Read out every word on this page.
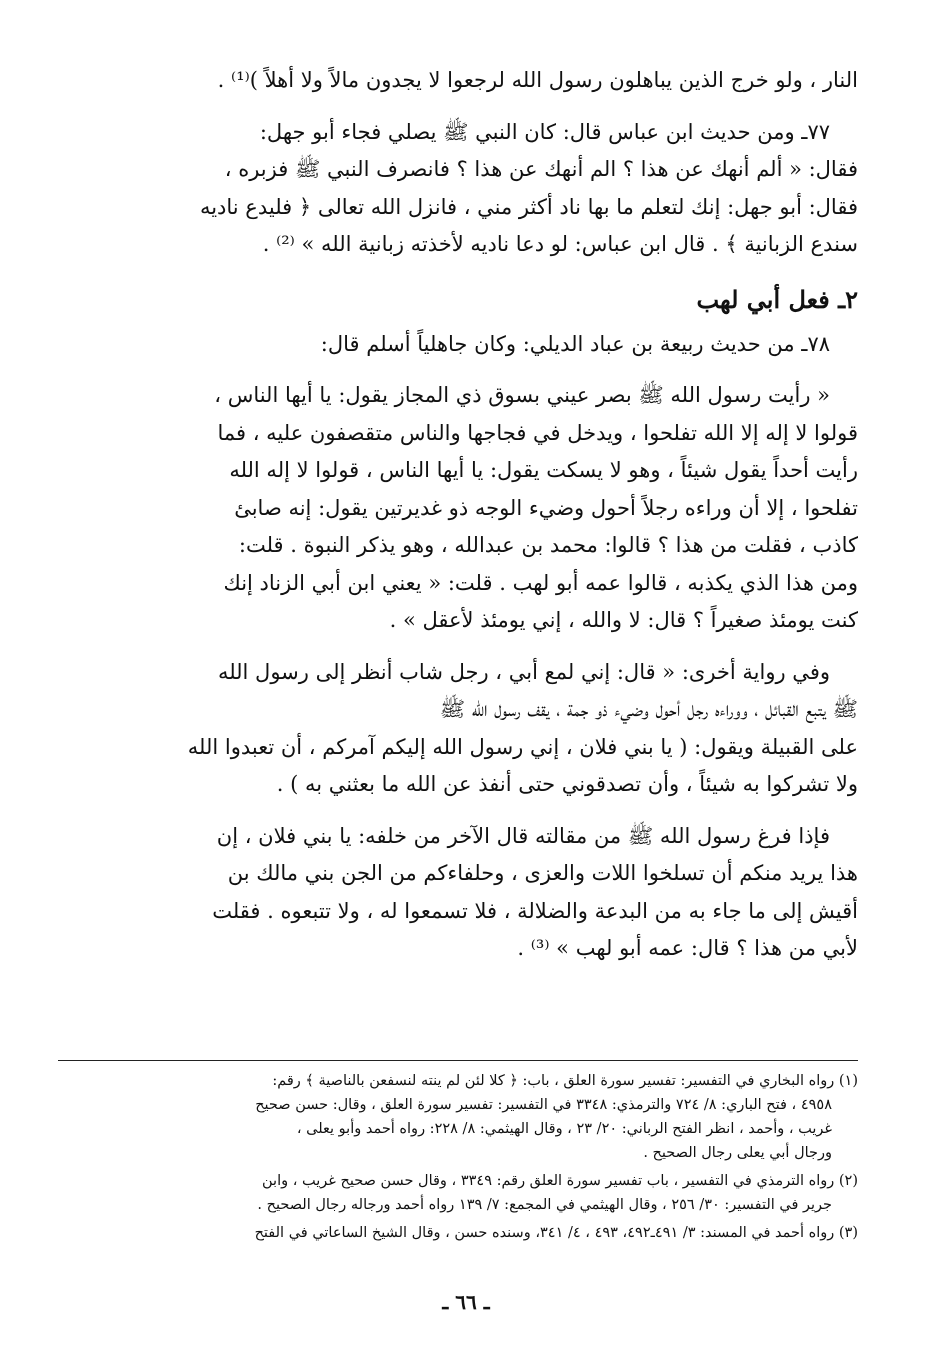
النار ، ولو خرج الذين يباهلون رسول الله لرجعوا لا يجدون مالاً ولا أهلاً )⁽¹⁾ .

٧٧ـ ومن حديث ابن عباس قال: كان النبي ﷺ يصلي فجاء أبو جهل:

فقال: « ألم أنهك عن هذا ؟ الم أنهك عن هذا ؟ فانصرف النبي ﷺ فزبره ،

فقال: أبو جهل: إنك لتعلم ما بها ناد أكثر مني ، فانزل الله تعالى ﴿ فليدع ناديه

سندع الزبانية ﴾ . قال ابن عباس: لو دعا ناديه لأخذته زبانية الله » ⁽²⁾ .

٢ـ فعل أبي لهب

٧٨ـ من حديث ربيعة بن عباد الديلي: وكان جاهلياً أسلم قال:

« رأيت رسول الله ﷺ بصر عيني بسوق ذي المجاز يقول: يا أيها الناس ،

قولوا لا إله إلا الله تفلحوا ، ويدخل في فجاجها والناس متقصفون عليه ، فما

رأيت أحداً يقول شيئاً ، وهو لا يسكت يقول: يا أيها الناس ، قولوا لا إله الله

تفلحوا ، إلا أن وراءه رجلاً أحول وضيء الوجه ذو غديرتين يقول: إنه صابئ

كاذب ، فقلت من هذا ؟ قالوا: محمد بن عبدالله ، وهو يذكر النبوة . قلت:

ومن هذا الذي يكذبه ، قالوا عمه أبو لهب . قلت: « يعني ابن أبي الزناد إنك

كنت يومئذ صغيراً ؟ قال: لا والله ، إني يومئذ لأعقل » .

وفي رواية أخرى: « قال: إني لمع أبي ، رجل شاب أنظر إلى رسول الله

ﷺ يتبع القبائل ، ووراءه رجل أحول وضيء ذو جمة ، يقف رسول الله ﷺ

على القبيلة ويقول: ( يا بني فلان ، إني رسول الله إليكم آمركم ، أن تعبدوا الله

ولا تشركوا به شيئاً ، وأن تصدقوني حتى أنفذ عن الله ما بعثني به ) .

فإذا فرغ رسول الله ﷺ من مقالته قال الآخر من خلفه: يا بني فلان ، إن

هذا يريد منكم أن تسلخوا اللات والعزى ، وحلفاءكم من الجن بني مالك بن

أقيش إلى ما جاء به من البدعة والضلالة ، فلا تسمعوا له ، ولا تتبعوه . فقلت

لأبي من هذا ؟ قال: عمه أبو لهب » ⁽³⁾ .

(١) رواه البخاري في التفسير: تفسير سورة العلق ، باب: ﴿ كلا لئن لم ينته لنسفعن بالناصية ﴾ رقم:
٤٩٥٨ ، فتح الباري: ٨/ ٧٢٤ والترمذي: ٣٣٤٨ في التفسير: تفسير سورة العلق ، وقال: حسن صحيح
غريب ، وأحمد ، انظر الفتح الرباني: ٢٠/ ٢٣ ، وقال الهيثمي: ٨/ ٢٢٨: رواه أحمد وأبو يعلى ،
ورجال أبي يعلى رجال الصحيح .
(٢) رواه الترمذي في التفسير ، باب تفسير سورة العلق رقم: ٣٣٤٩ ، وقال حسن صحيح غريب ، وابن
جرير في التفسير: ٣٠/ ٢٥٦ ، وقال الهيثمي في المجمع: ٧/ ١٣٩ رواه أحمد ورجاله رجال الصحيح .
(٣) رواه أحمد في المسند: ٣/ ٤٩١ـ٤٩٢، ٤٩٣ ، ٤/ ٣٤١، وسنده حسن ، وقال الشيخ الساعاتي في الفتح
ـ ٦٦ ـ
